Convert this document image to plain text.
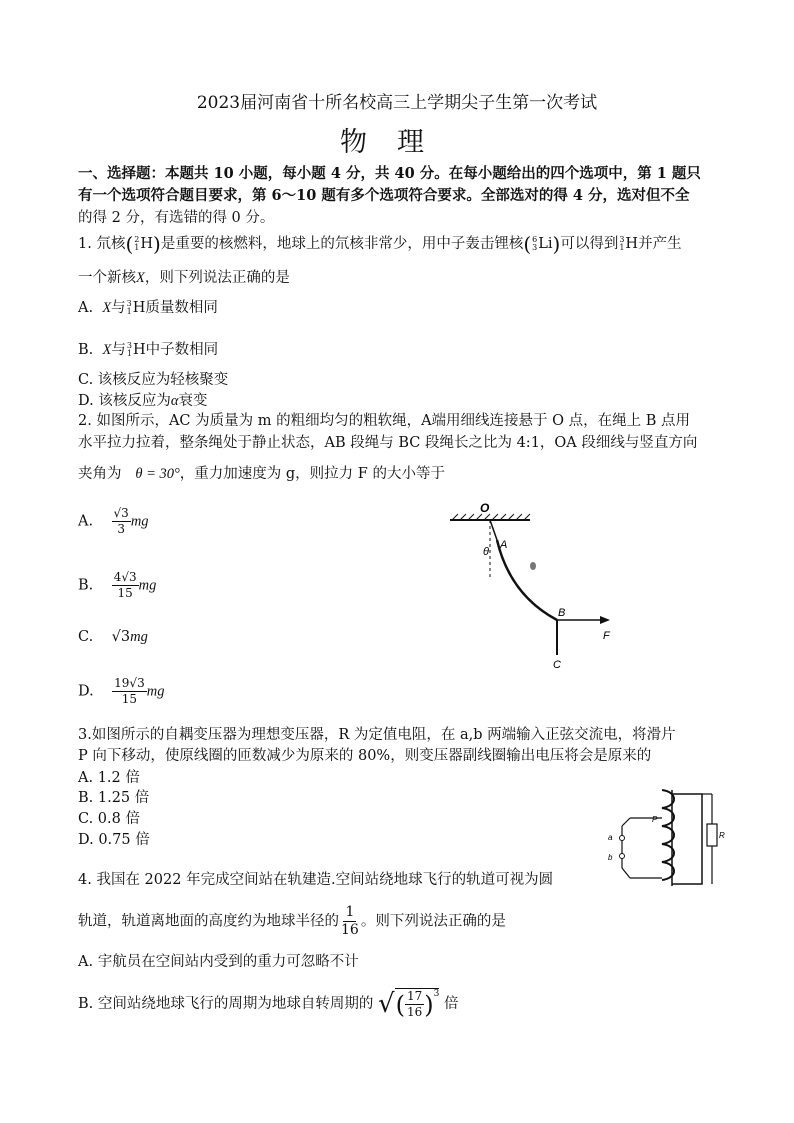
2023届河南省十所名校高三上学期尖子生第一次考试
物理
一、选择题：本题共 10 小题，每小题 4 分，共 40 分。在每小题给出的四个选项中，第 1 题只
有一个选项符合题目要求，第 6～10 题有多个选项符合要求。全部选对的得 4 分，选对但不全
的得 2 分，有选错的得 0 分。
1. 氘核( 2
1 H)是重要的核燃料，地球上的氘核非常少，用中子轰击锂核( 6
3 Li)可以得到 3
1 H并产生
一个新核X，则下列说法正确的是
A. X与 3
1 H质量数相同
B. X与 3
1 H中子数相同
C. 该核反应为轻核聚变
D. 该核反应为α衰变
2. 如图所示，AC 为质量为 m 的粗细均匀的粗软绳，A端用细线连接悬于 O 点，在绳上 B 点用
水平拉力拉着，整条绳处于静止状态，AB 段绳与 BC 段绳长之比为 4:1，OA 段细线与竖直方向
夹角为 θ = 30°，重力加速度为 g，则拉力 F 的大小等于
A. $\frac{√3}{3}$ mg
B. $\frac{4√3}{15}$ mg
C. √3mg
D. $\frac{19√3}{15}$ mg
O
θ
A
B
F
C
3.如图所示的自耦变压器为理想变压器，R 为定值电阻，在 a,b 两端输入正弦交流电，将滑片
P 向下移动，使原线圈的匝数减少为原来的 80%，则变压器副线圈输出电压将会是原来的
A. 1.2 倍
B. 1.25 倍
C. 0.8 倍
D. 0.75 倍
P
a
b
R
4. 我国在 2022 年完成空间站在轨建造.空间站绕地球飞行的轨道可视为圆
轨道，轨道离地面的高度约为地球半径的 $\frac{1}{16}$ 。则下列说法正确的是
A. 宇航员在空间站内受到的重力可忽略不计
B. 空间站绕地球飞行的周期为地球自转周期的 √ ( $\frac{17}{16} )^3$
倍
